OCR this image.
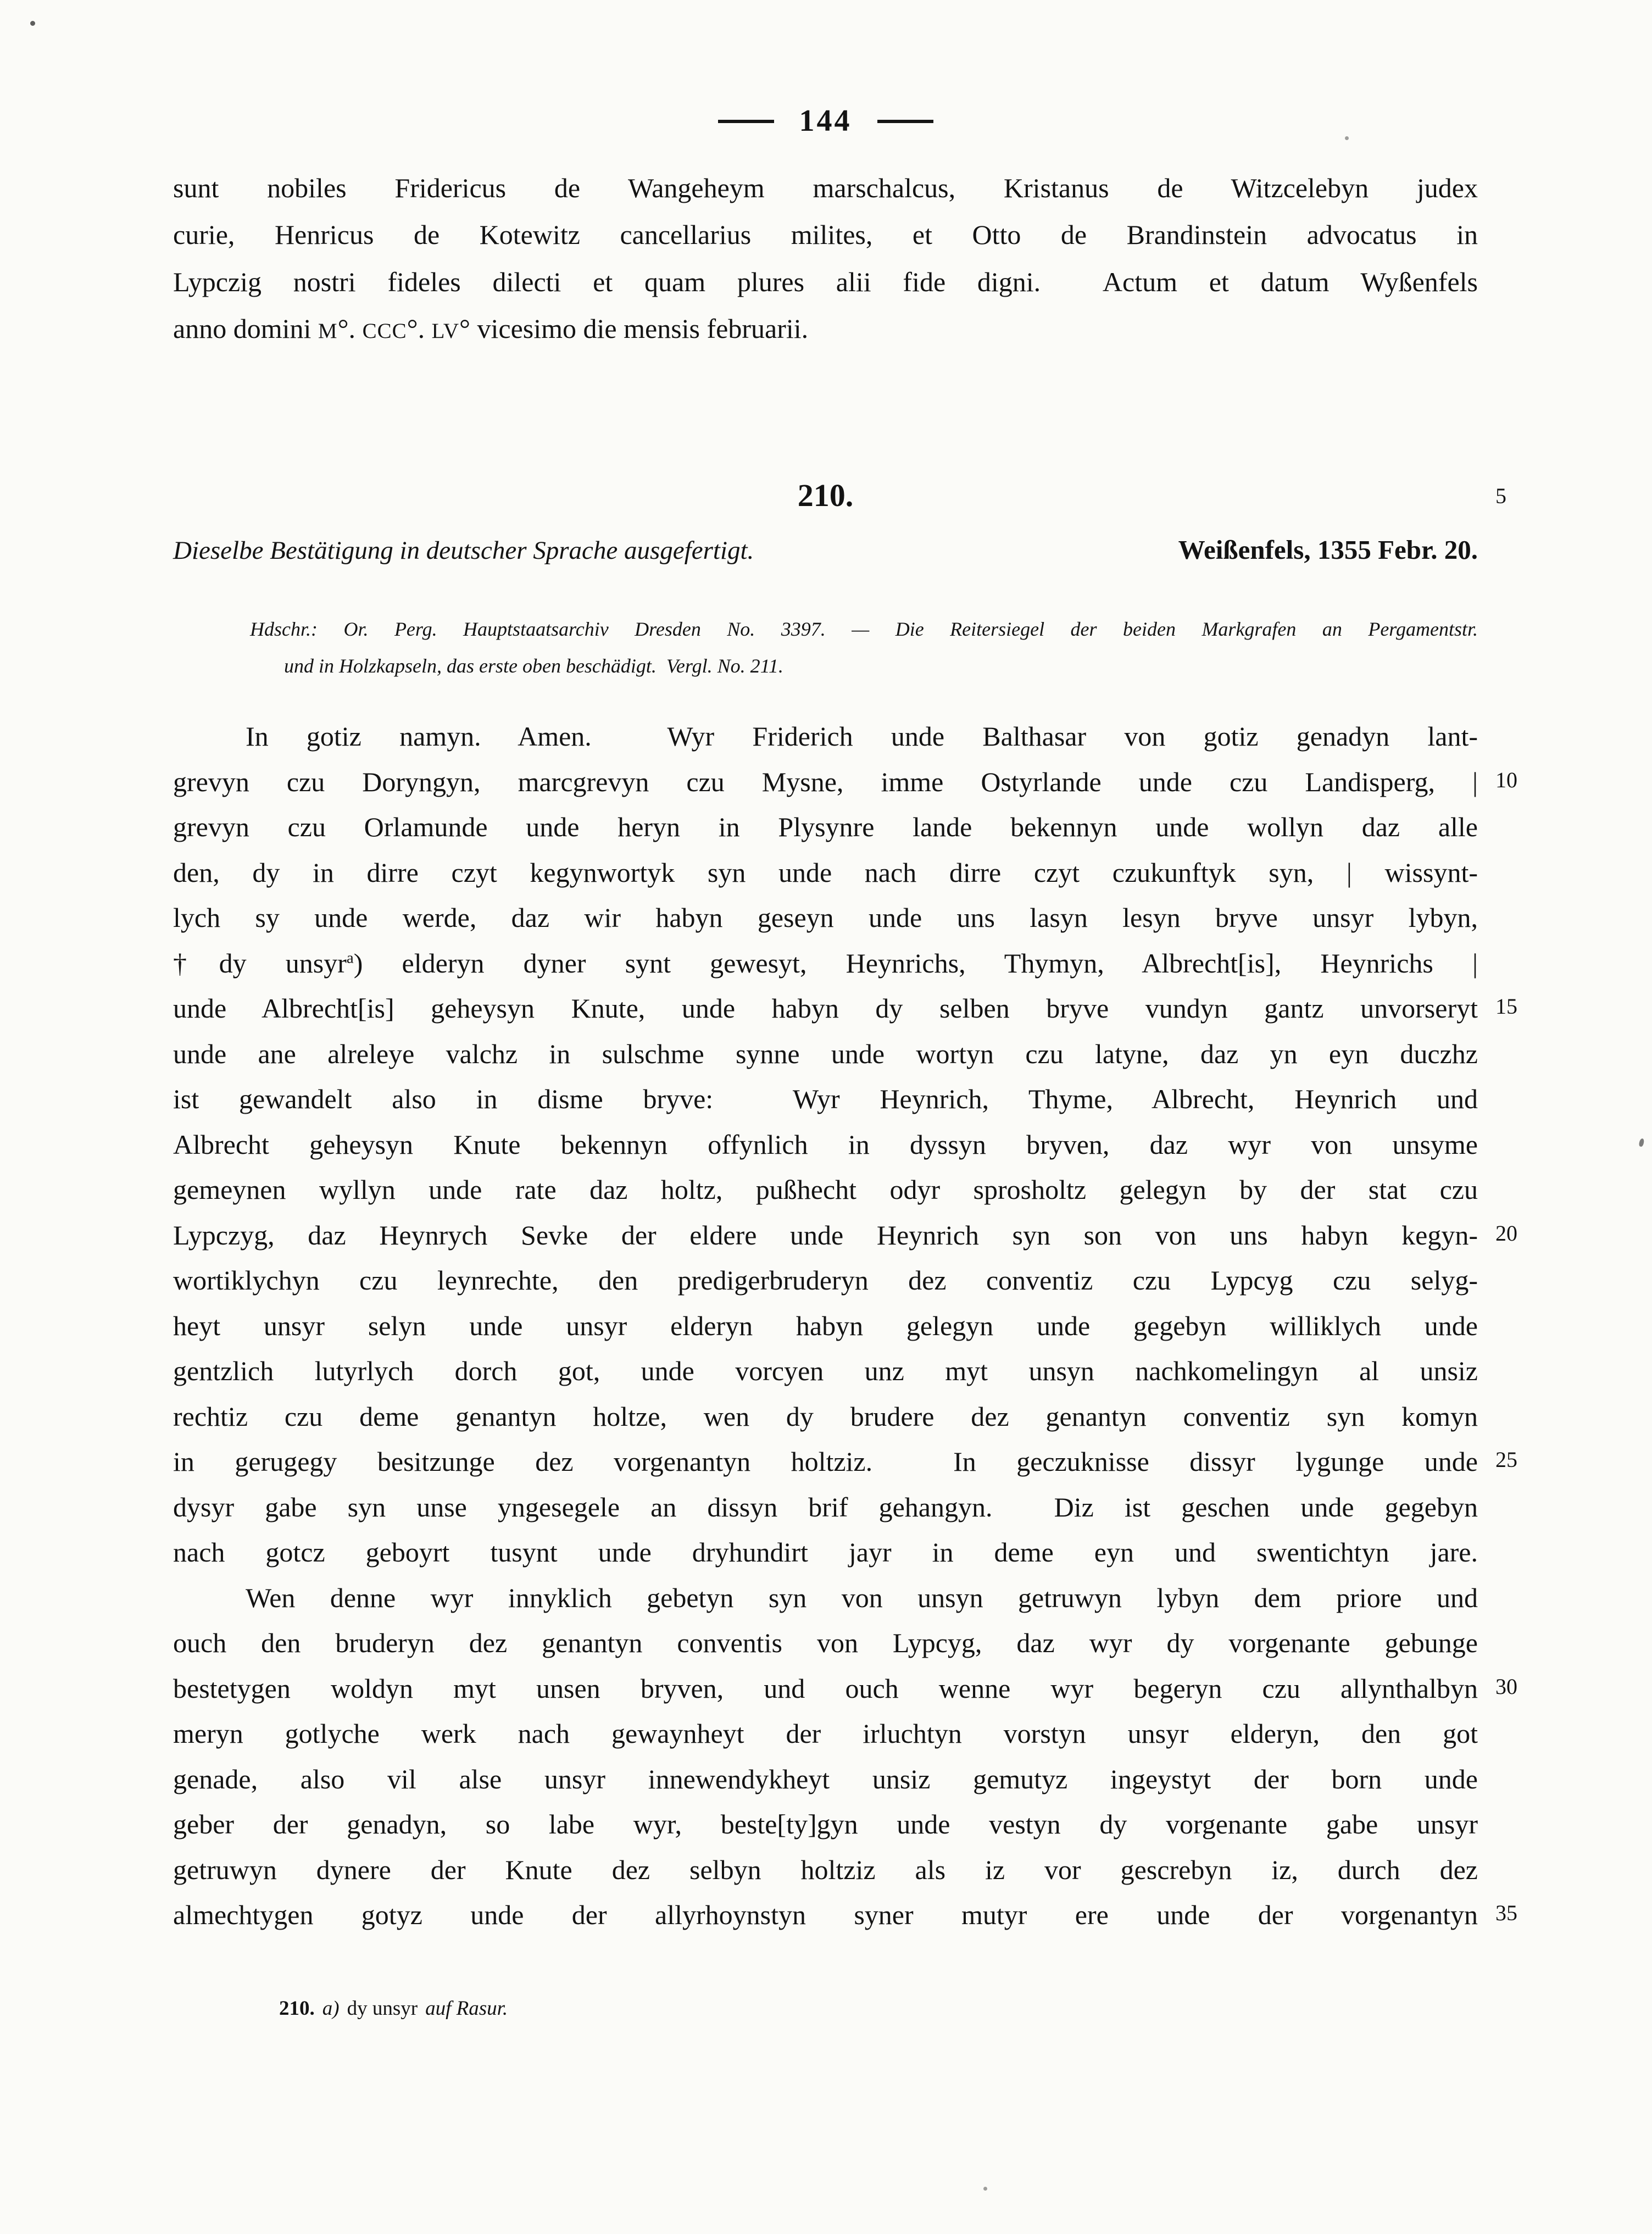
144
sunt nobiles Fridericus de Wangeheym marschalcus, Kristanus de Witzcelebyn judex
curie, Henricus de Kotewitz cancellarius milites, et Otto de Brandinstein advocatus in
Lypczig nostri fideles dilecti et quam plures alii fide digni.  Actum et datum Wyßenfels
anno domini M°. CCC°. LV° vicesimo die mensis februarii.
210.
Dieselbe Bestätigung in deutscher Sprache ausgefertigt.	Weißenfels, 1355 Febr. 20.
Hdschr.: Or. Perg. Hauptstaatsarchiv Dresden No. 3397. — Die Reitersiegel der beiden Markgrafen an Pergamentstr.
und in Holzkapseln, das erste oben beschädigt.  Vergl. No. 211.
In gotiz namyn. Amen.  Wyr Friderich unde Balthasar von gotiz genadyn lant-
grevyn czu Doryngyn, marcgrevyn czu Mysne, imme Ostyrlande unde czu Landisperg, |
grevyn czu Orlamunde unde heryn in Plysynre lande bekennyn unde wollyn daz alle
den, dy in dirre czyt kegynwortyk syn unde nach dirre czyt czukunftyk syn, | wissynt-
lych sy unde werde, daz wir habyn geseyn unde uns lasyn lesyn bryve unsyr lybyn,
†dy unsyr$^a$) elderyn dyner synt gewesyt, Heynrichs, Thymyn, Albrecht[is], Heynrichs |
unde Albrecht[is] geheysyn Knute, unde habyn dy selben bryve vundyn gantz unvorseryt
unde ane alreleye valchz in sulschme synne unde wortyn czu latyne, daz yn eyn duczhz
ist gewandelt also in disme bryve:  Wyr Heynrich, Thyme, Albrecht, Heynrich und
Albrecht geheysyn Knute bekennyn offynlich in dyssyn bryven, daz wyr von unsyme
gemeynen wyllyn unde rate daz holtz, pußhecht odyr sprosholtz gelegyn by der stat czu
Lypczyg, daz Heynrych Sevke der eldere unde Heynrich syn son von uns habyn kegyn-
wortiklychyn czu leynrechte, den predigerbruderyn dez conventiz czu Lypcyg czu selyg-
heyt unsyr selyn unde unsyr elderyn habyn gelegyn unde gegebyn williklych unde
gentzlich lutyrlych dorch got, unde vorcyen unz myt unsyn nachkomelingyn al unsiz
rechtiz czu deme genantyn holtze, wen dy brudere dez genantyn conventiz syn komyn
in gerugegy besitzunge dez vorgenantyn holtziz.  In geczuknisse dissyr lygunge unde
dysyr gabe syn unse yngesegele an dissyn brif gehangyn.  Diz ist geschen unde gegebyn
nach gotcz geboyrt tusynt unde dryhundirt jayr in deme eyn und swentichtyn jare.
Wen denne wyr innyklich gebetyn syn von unsyn getruwyn lybyn dem priore und
ouch den bruderyn dez genantyn conventis von Lypcyg, daz wyr dy vorgenante gebunge
bestetygen woldyn myt unsen bryven, und ouch wenne wyr begeryn czu allynthalbyn
meryn gotlyche werk nach gewaynheyt der irluchtyn vorstyn unsyr elderyn, den got
genade, also vil alse unsyr innewendykheyt unsiz gemutyz ingeystyt der born unde
geber der genadyn, so labe wyr, beste[ty]gyn unde vestyn dy vorgenante gabe unsyr
getruwyn dynere der Knute dez selbyn holtziz als iz vor gescrebyn iz, durch dez
almechtygen gotyz unde der allyrhoynstyn syner mutyr ere unde der vorgenantyn
5
10
15
20
25
30
35
210. a) dy unsyr auf Rasur.
